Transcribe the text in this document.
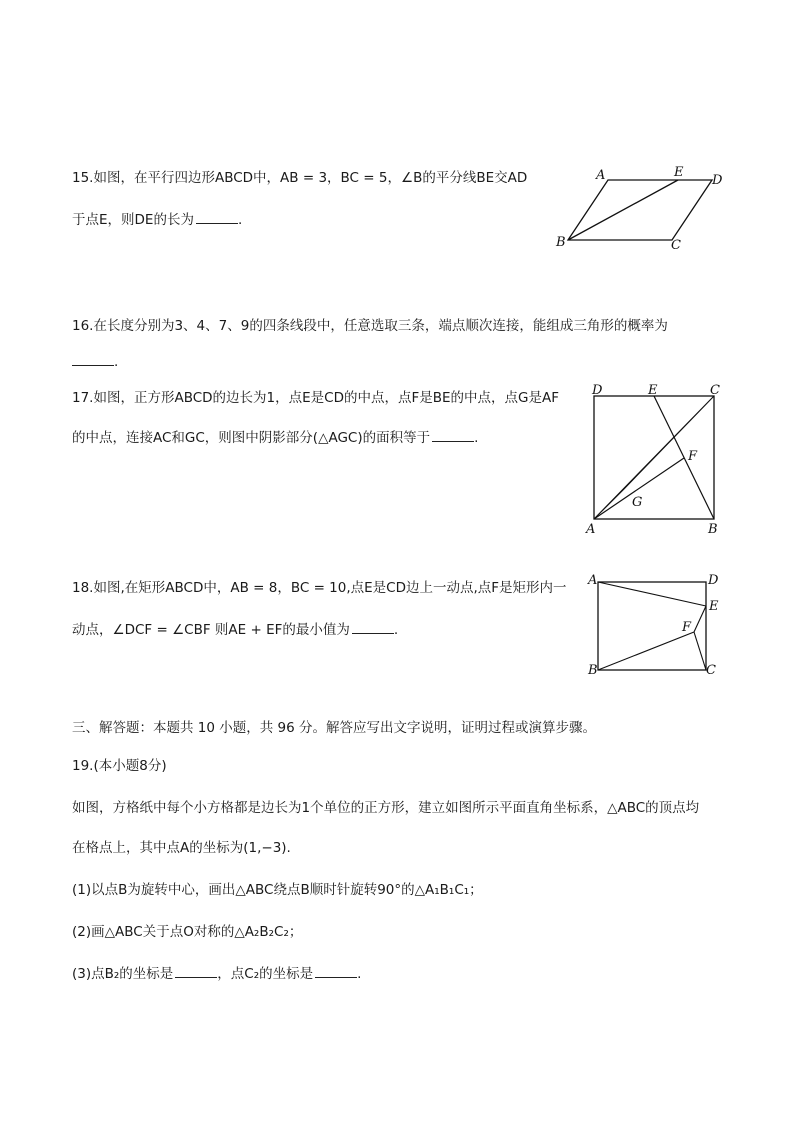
15.如图，在平行四边形ABCD中，AB = 3，BC = 5，∠B的平分线BE交AD
于点E，则DE的长为	.
A	E
D
B	C
16.在长度分别为3、4、7、9的四条线段中，任意选取三条，端点顺次连接，能组成三角形的概率为
.
17.如图，正方形ABCD的边长为1，点E是CD的中点，点F是BE的中点，点G是AF
的中点，连接AC和GC，则图中阴影部分(△AGC)的面积等于	.
D	E	C
F
G
A	B
18.如图,在矩形ABCD中，AB = 8，BC = 10,点E是CD边上一动点,点F是矩形内一
动点，∠DCF = ∠CBF 则AE + EF的最小值为	.
A	D
E
F
B	C
三、解答题：本题共 10 小题，共 96 分。解答应写出文字说明，证明过程或演算步骤。
19.(本小题8分)
如图，方格纸中每个小方格都是边长为1个单位的正方形，建立如图所示平面直角坐标系，△ABC的顶点均
在格点上，其中点A的坐标为(1,−3).
(1)以点B为旋转中心，画出△ABC绕点B顺时针旋转90°的△A₁B₁C₁；
(2)画△ABC关于点O对称的△A₂B₂C₂；
(3)点B₂的坐标是	，点C₂的坐标是	.
